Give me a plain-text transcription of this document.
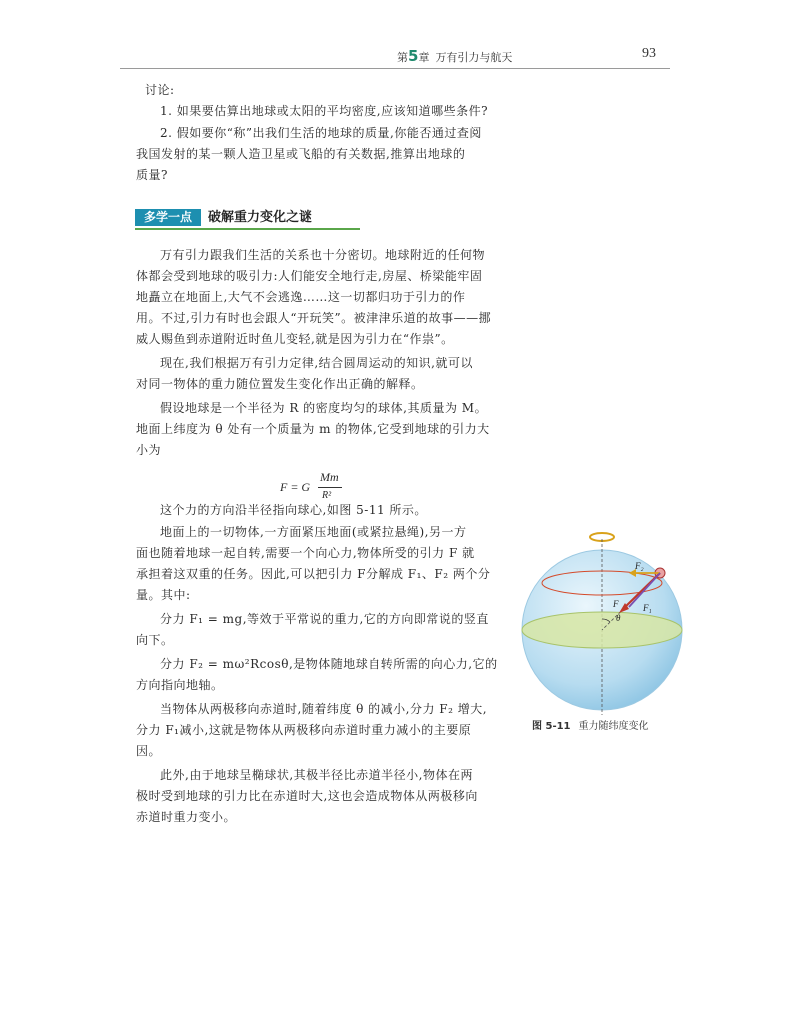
第5章 万有引力与航天	93
讨论:
1. 如果要估算出地球或太阳的平均密度,应该知道哪些条件?
2. 假如要你“称”出我们生活的地球的质量,你能否通过查阅
我国发射的某一颗人造卫星或飞船的有关数据,推算出地球的
质量?
多学一点	破解重力变化之谜
万有引力跟我们生活的关系也十分密切。地球附近的任何物
体都会受到地球的吸引力:人们能安全地行走,房屋、桥梁能牢固
地矗立在地面上,大气不会逃逸……这一切都归功于引力的作
用。不过,引力有时也会跟人“开玩笑”。被津津乐道的故事——挪
威人赐鱼到赤道附近时鱼儿变轻,就是因为引力在“作祟”。
现在,我们根据万有引力定律,结合圆周运动的知识,就可以
对同一物体的重力随位置发生变化作出正确的解释。
假设地球是一个半径为 R 的密度均匀的球体,其质量为 M。
地面上纬度为 θ 处有一个质量为 m 的物体,它受到地球的引力大
小为
F = G
Mm
R²
这个力的方向沿半径指向球心,如图 5-11 所示。
地面上的一切物体,一方面紧压地面(或紧拉悬绳),另一方
面也随着地球一起自转,需要一个向心力,物体所受的引力 F 就
承担着这双重的任务。因此,可以把引力 F分解成 F₁、F₂ 两个分
量。其中:
分力 F₁ = mg,等效于平常说的重力,它的方向即常说的竖直
向下。
分力 F₂ = mω²Rcosθ,是物体随地球自转所需的向心力,它的
方向指向地轴。
当物体从两极移向赤道时,随着纬度 θ 的减小,分力 F₂ 增大,
分力 F₁减小,这就是物体从两极移向赤道时重力减小的主要原
因。
此外,由于地球呈椭球状,其极半径比赤道半径小,物体在两
极时受到地球的引力比在赤道时大,这也会造成物体从两极移向
赤道时重力变小。
F₂
F	F₁
θ
图 5-11 重力随纬度变化
